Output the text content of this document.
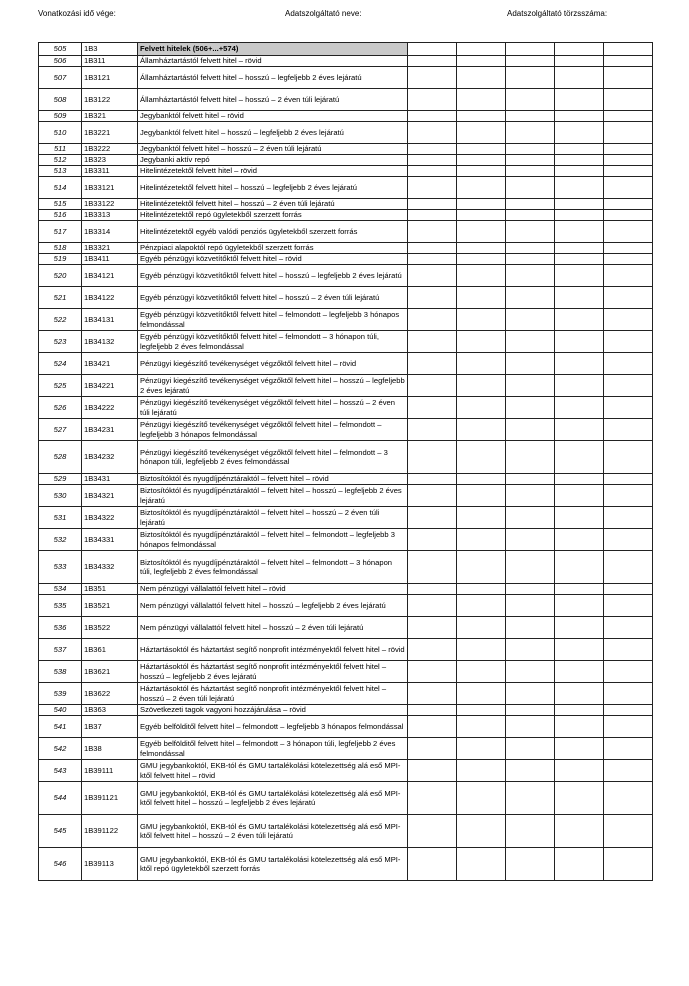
Vonatkozási idő vége:	Adatszolgáltató neve:	Adatszolgáltató törzsszáma:
505	1B3	Felvett hitelek (506+...+574)					
506	1B311	Államháztartástól felvett hitel – rövid					
507	1B3121	Államháztartástól felvett hitel – hosszú – legfeljebb 2 éves lejáratú					
508	1B3122	Államháztartástól felvett hitel – hosszú – 2 éven túli lejáratú					
509	1B321	Jegybanktól felvett hitel – rövid					
510	1B3221	Jegybanktól felvett hitel – hosszú – legfeljebb 2 éves lejáratú					
511	1B3222	Jegybanktól felvett hitel – hosszú – 2 éven túli lejáratú					
512	1B323	Jegybanki aktív repó					
513	1B3311	Hitelintézetektől felvett hitel – rövid					
514	1B33121	Hitelintézetektől felvett hitel – hosszú – legfeljebb 2 éves lejáratú					
515	1B33122	Hitelintézetektől felvett hitel – hosszú – 2 éven túli lejáratú					
516	1B3313	Hitelintézetektől repó ügyletekből szerzett forrás					
517	1B3314	Hitelintézetektől egyéb valódi penziós ügyletekből szerzett forrás					
518	1B3321	Pénzpiaci alapoktól repó ügyletekből szerzett forrás					
519	1B3411	Egyéb pénzügyi közvetítőktől felvett hitel – rövid					
520	1B34121	Egyéb pénzügyi közvetítőktől felvett hitel – hosszú – legfeljebb 2 éves lejáratú					
521	1B34122	Egyéb pénzügyi közvetítőktől felvett hitel – hosszú – 2 éven túli lejáratú					
522	1B34131	Egyéb pénzügyi közvetítőktől felvett hitel – felmondott – legfeljebb 3 hónapos felmondással					
523	1B34132	Egyéb pénzügyi közvetítőktől felvett hitel – felmondott – 3 hónapon túli, legfeljebb 2 éves felmondással					
524	1B3421	Pénzügyi kiegészítő tevékenységet végzőktől felvett hitel – rövid					
525	1B34221	Pénzügyi kiegészítő tevékenységet végzőktől felvett hitel – hosszú – legfeljebb 2 éves lejáratú					
526	1B34222	Pénzügyi kiegészítő tevékenységet végzőktől felvett hitel – hosszú – 2 éven túli lejáratú					
527	1B34231	Pénzügyi kiegészítő tevékenységet végzőktől felvett hitel – felmondott – legfeljebb 3 hónapos felmondással					
528	1B34232	Pénzügyi kiegészítő tevékenységet végzőktől felvett hitel – felmondott – 3 hónapon túli, legfeljebb 2 éves felmondással					
529	1B3431	Biztosítóktól és nyugdíjpénztáraktól – felvett hitel – rövid					
530	1B34321	Biztosítóktól és nyugdíjpénztáraktól – felvett hitel – hosszú – legfeljebb 2 éves lejáratú					
531	1B34322	Biztosítóktól és nyugdíjpénztáraktól – felvett hitel – hosszú – 2 éven túli lejáratú					
532	1B34331	Biztosítóktól és nyugdíjpénztáraktól – felvett hitel – felmondott – legfeljebb 3 hónapos felmondással					
533	1B34332	Biztosítóktól és nyugdíjpénztáraktól – felvett hitel – felmondott – 3 hónapon túli, legfeljebb 2 éves felmondással					
534	1B351	Nem pénzügyi vállalattól felvett hitel – rövid					
535	1B3521	Nem pénzügyi vállalattól felvett hitel – hosszú – legfeljebb 2 éves lejáratú					
536	1B3522	Nem pénzügyi vállalattól felvett hitel – hosszú – 2 éven túli lejáratú					
537	1B361	Háztartásoktól és háztartást segítő nonprofit intézményektől felvett hitel – rövid					
538	1B3621	Háztartásoktól és háztartást segítő nonprofit intézményektől felvett hitel – hosszú – legfeljebb 2 éves lejáratú					
539	1B3622	Háztartásoktól és háztartást segítő nonprofit intézményektől felvett hitel – hosszú – 2 éven túli lejáratú					
540	1B363	Szövetkezeti tagok vagyoni hozzájárulása – rövid					
541	1B37	Egyéb belfölditől felvett hitel – felmondott – legfeljebb 3 hónapos felmondással					
542	1B38	Egyéb belfölditől felvett hitel – felmondott – 3 hónapon túli, legfeljebb 2 éves felmondással					
543	1B39111	GMU jegybankoktól, EKB-tól és GMU tartalékolási kötelezettség alá eső MPI-ktől felvett hitel – rövid					
544	1B391121	GMU jegybankoktól, EKB-tól és GMU tartalékolási kötelezettség alá eső MPI-ktől felvett hitel – hosszú – legfeljebb 2 éves lejáratú					
545	1B391122	GMU jegybankoktól, EKB-tól és GMU tartalékolási kötelezettség alá eső MPI-ktől felvett hitel – hosszú – 2 éven túli lejáratú					
546	1B39113	GMU jegybankoktól, EKB-tól és GMU tartalékolási kötelezettség alá eső MPI-ktől repó ügyletekből szerzett forrás					
